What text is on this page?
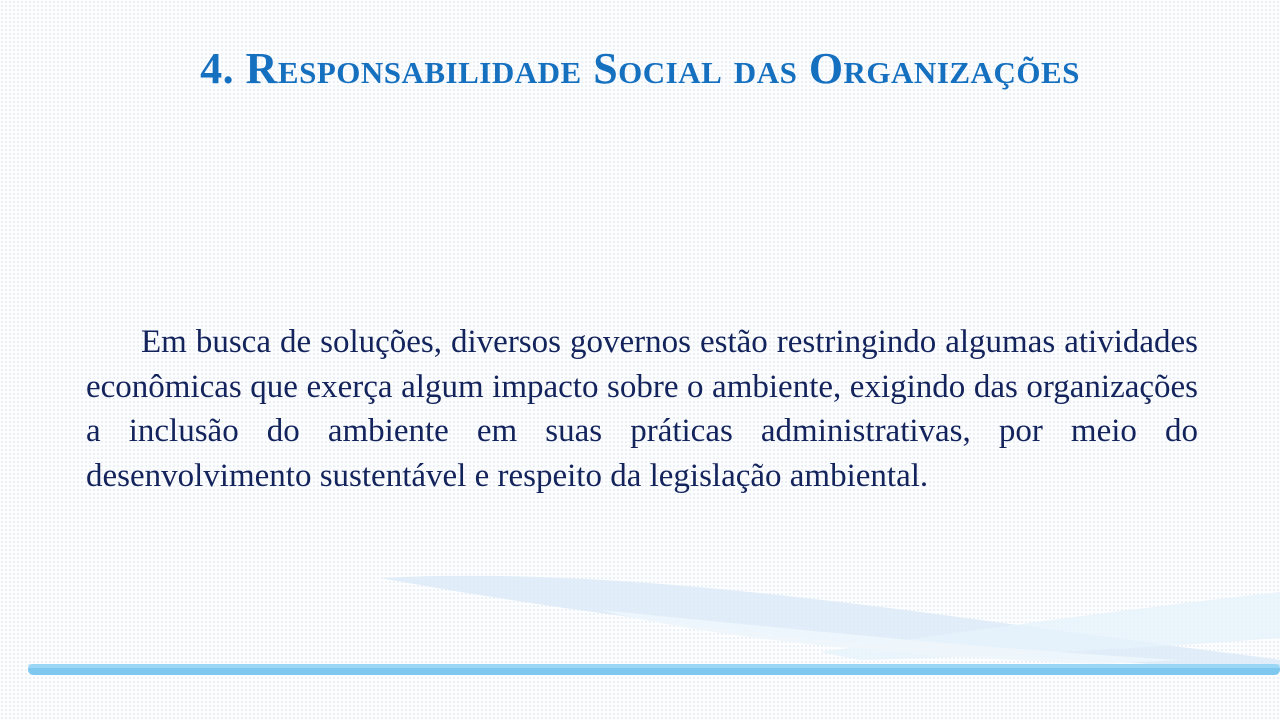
4. Responsabilidade Social das Organizações

Em busca de soluções, diversos governos estão restringindo algumas atividades econômicas que exerça algum impacto sobre o ambiente, exigindo das organizações a inclusão do ambiente em suas práticas administrativas, por meio do desenvolvimento sustentável e respeito da legislação ambiental.
